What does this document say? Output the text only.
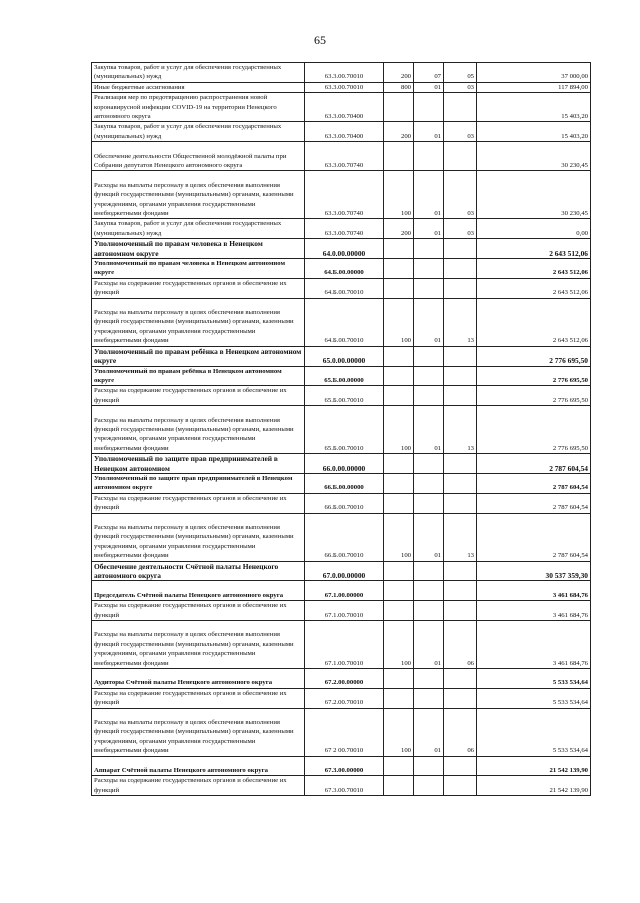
65
Закупка товаров, работ и услуг для обеспечения государственных (муниципальных) нужд	63.3.00.70010	200	07	05	37 000,00
Иные бюджетные ассигнования	63.3.00.70010	800	01	03	117 894,00
Реализация мер по предотвращению распространения новой коронавирусной инфекции COVID-19 на территории Ненецкого автономного округа	63.3.00.70400				15 403,20
Закупка товаров, работ и услуг для обеспечения государственных (муниципальных) нужд	63.3.00.70400	200	01	03	15 403,20
Обеспечение деятельности Общественной молодёжной палаты при Собрании депутатов Ненецкого автономного округа	63.3.00.70740				30 230,45
Расходы на выплаты персоналу в целях обеспечения выполнения функций государственными (муниципальными) органами, казенными учреждениями, органами управления государственными внебюджетными фондами	63.3.00.70740	100	01	03	30 230,45
Закупка товаров, работ и услуг для обеспечения государственных (муниципальных) нужд	63.3.00.70740	200	01	03	0,00
Уполномоченный по правам человека в Ненецком автономном округе	64.0.00.00000				2 643 512,06
Уполномоченный по правам человека в Ненецком автономном округе	64.Б.00.00000				2 643 512,06
Расходы на содержание государственных органов и обеспечение их функций	64.Б.00.70010				2 643 512,06
Расходы на выплаты персоналу в целях обеспечения выполнения функций государственными (муниципальными) органами, казенными учреждениями, органами управления государственными внебюджетными фондами	64.Б.00.70010	100	01	13	2 643 512,06
Уполномоченный по правам ребёнка в Ненецком автономном округе	65.0.00.00000				2 776 695,50
Уполномоченный по правам ребёнка в Ненецком автономном округе	65.Б.00.00000				2 776 695,50
Расходы на содержание государственных органов и обеспечение их функций	65.Б.00.70010				2 776 695,50
Расходы на выплаты персоналу в целях обеспечения выполнения функций государственными (муниципальными) органами, казенными учреждениями, органами управления государственными внебюджетными фондами	65.Б.00.70010	100	01	13	2 776 695,50
Уполномоченный по защите прав предпринимателей в Ненецком автономном	66.0.00.00000				2 787 604,54
Уполномоченный по защите прав предпринимателей в Ненецком автономном округе	66.Б.00.00000				2 787 604,54
Расходы на содержание государственных органов и обеспечение их функций	66.Б.00.70010				2 787 604,54
Расходы на выплаты персоналу в целях обеспечения выполнения функций государственными (муниципальными) органами, казенными учреждениями, органами управления государственными внебюджетными фондами	66.Б.00.70010	100	01	13	2 787 604,54
Обеспечение деятельности Счётной палаты Ненецкого автономного округа	67.0.00.00000				30 537 359,30
Председатель Счётной палаты Ненецкого автономного округа	67.1.00.00000				3 461 684,76
Расходы на содержание государственных органов и обеспечение их функций	67.1.00.70010				3 461 684,76
Расходы на выплаты персоналу в целях обеспечения выполнения функций государственными (муниципальными) органами, казенными учреждениями, органами управления государственными внебюджетными фондами	67.1.00.70010	100	01	06	3 461 684,76
Аудиторы Счётной палаты Ненецкого автономного округа	67.2.00.00000				5 533 534,64
Расходы на содержание государственных органов и обеспечение их функций	67.2.00.70010				5 533 534,64
Расходы на выплаты персоналу в целях обеспечения выполнения функций государственными (муниципальными) органами, казенными учреждениями, органами управления государственными внебюджетными фондами	67 2 00.70010	100	01	06	5 533 534,64
Аппарат Счётной палаты Ненецкого автономного округа	67.3.00.00000				21 542 139,90
Расходы на содержание государственных органов и обеспечение их функций	67.3.00.70010				21 542 139,90
